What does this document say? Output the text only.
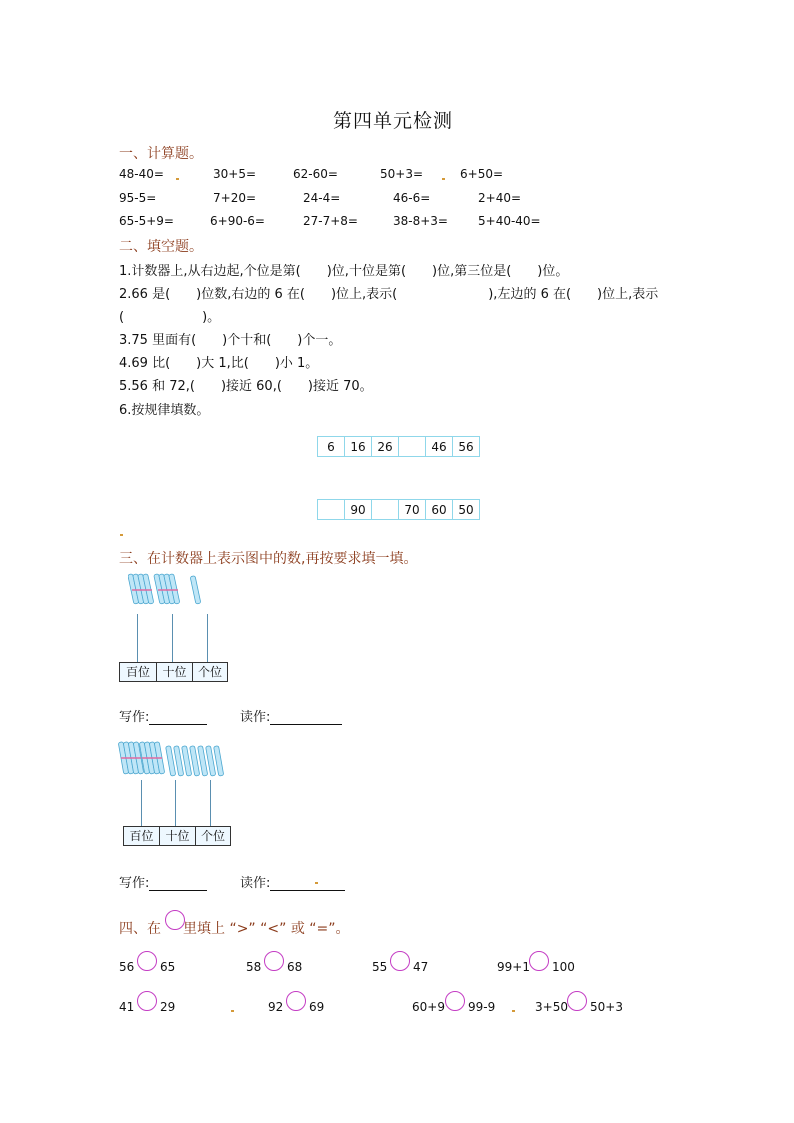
第四单元检测
一、计算题。
48-40=	30+5=	62-60=	50+3=	6+50=
95-5=	7+20=	24-4=	46-6=	2+40=
65-5+9=	6+90-6=	27-7+8=	38-8+3=	5+40-40=
二、填空题。
1.计数器上,从右边起,个位是第(　　)位,十位是第(　　)位,第三位是(　　)位。
2.66 是(　　)位数,右边的 6 在(　　)位上,表示(　　　　　　　),左边的 6 在(　　)位上,表示
(　　　　　　)。
3.75 里面有(　　)个十和(　　)个一。
4.69 比(　　)大 1,比(　　)小 1。
5.56 和 72,(　　)接近 60,(　　)接近 70。
6.按规律填数。
6	16	26		46	56
	90		70	60	50
三、在计数器上表示图中的数,再按要求填一填。
百位	十位 个位
写作:	读作:
百位 十位 个位
写作:	读作:
四、在 里填上 “>” “<” 或 “=”。
56 65	58 68	55 47	99+1 100
41 29	92 69	60+9 99-9	3+50 50+3
